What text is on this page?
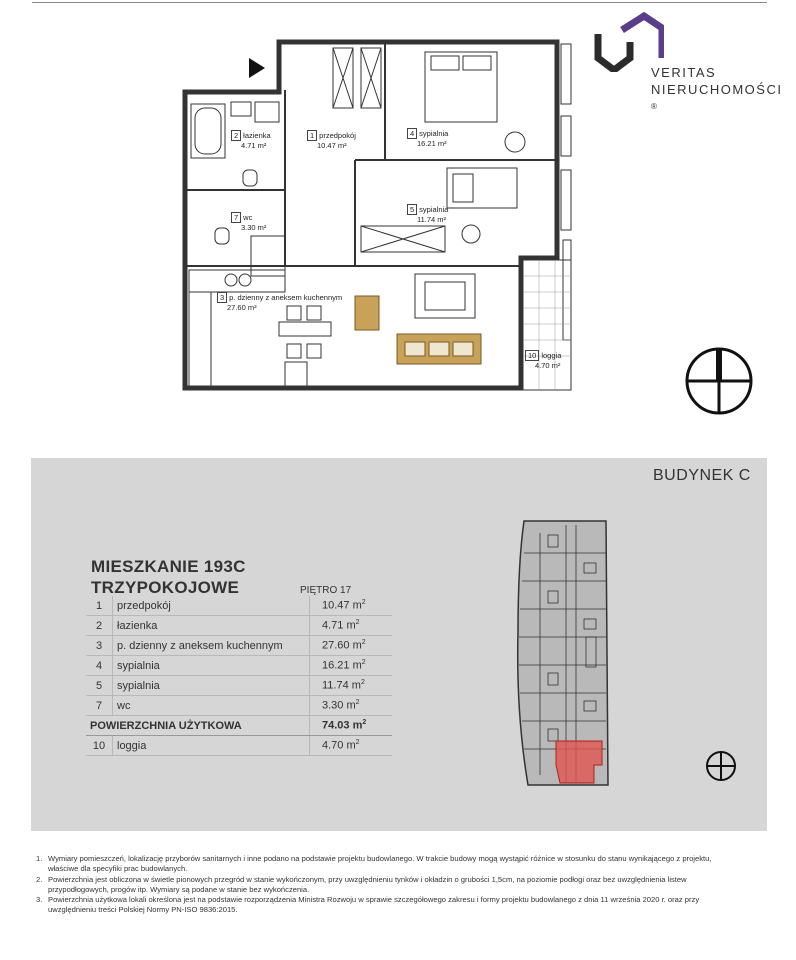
VERITAS
NIERUCHOMOŚCI ®
1 przedpokój
10.47 m²
2 łazienka
4.71 m²
3 p. dzienny z aneksem kuchennym
27.60 m²
4 sypialnia
16.21 m²
5 sypialnia
11.74 m²
7 wc
3.30 m²
10 loggia
4.70 m²
BUDYNEK C
MIESZKANIE 193C
TRZYPOKOJOWE	PIĘTRO 17
1	przedpokój	10.47 $m^2$
2	łazienka	4.71 $m^2$
3	p. dzienny z aneksem kuchennym	27.60 $m^2$
4	sypialnia	16.21 $m^2$
5	sypialnia	11.74 $m^2$
7	wc	3.30 $m^2$
POWIERZCHNIA UŻYTKOWA		74.03 $m^2$
10	loggia	4.70 $m^2$
1. Wymiary pomieszczeń, lokalizację przyborów sanitarnych i inne podano na podstawie projektu budowlanego. W trakcie budowy mogą wystąpić różnice w stosunku do stanu wynikającego z projektu, właściwe dla specyfiki prac budowlanych.
2. Powierzchnia jest obliczona w świetle pionowych przegród w stanie wykończonym, przy uwzględnieniu tynków i okładzin o grubości 1,5cm, na poziomie podłogi oraz bez uwzględnienia listew przypodłogowych, progów itp. Wymiary są podane w stanie bez wykończenia.
3. Powierzchnia użytkowa lokali określona jest na podstawie rozporządzenia Ministra Rozwoju w sprawie szczegółowego zakresu i formy projektu budowlanego z dnia 11 września 2020 r. oraz przy uwzględnieniu treści Polskiej Normy PN-ISO 9836:2015.
